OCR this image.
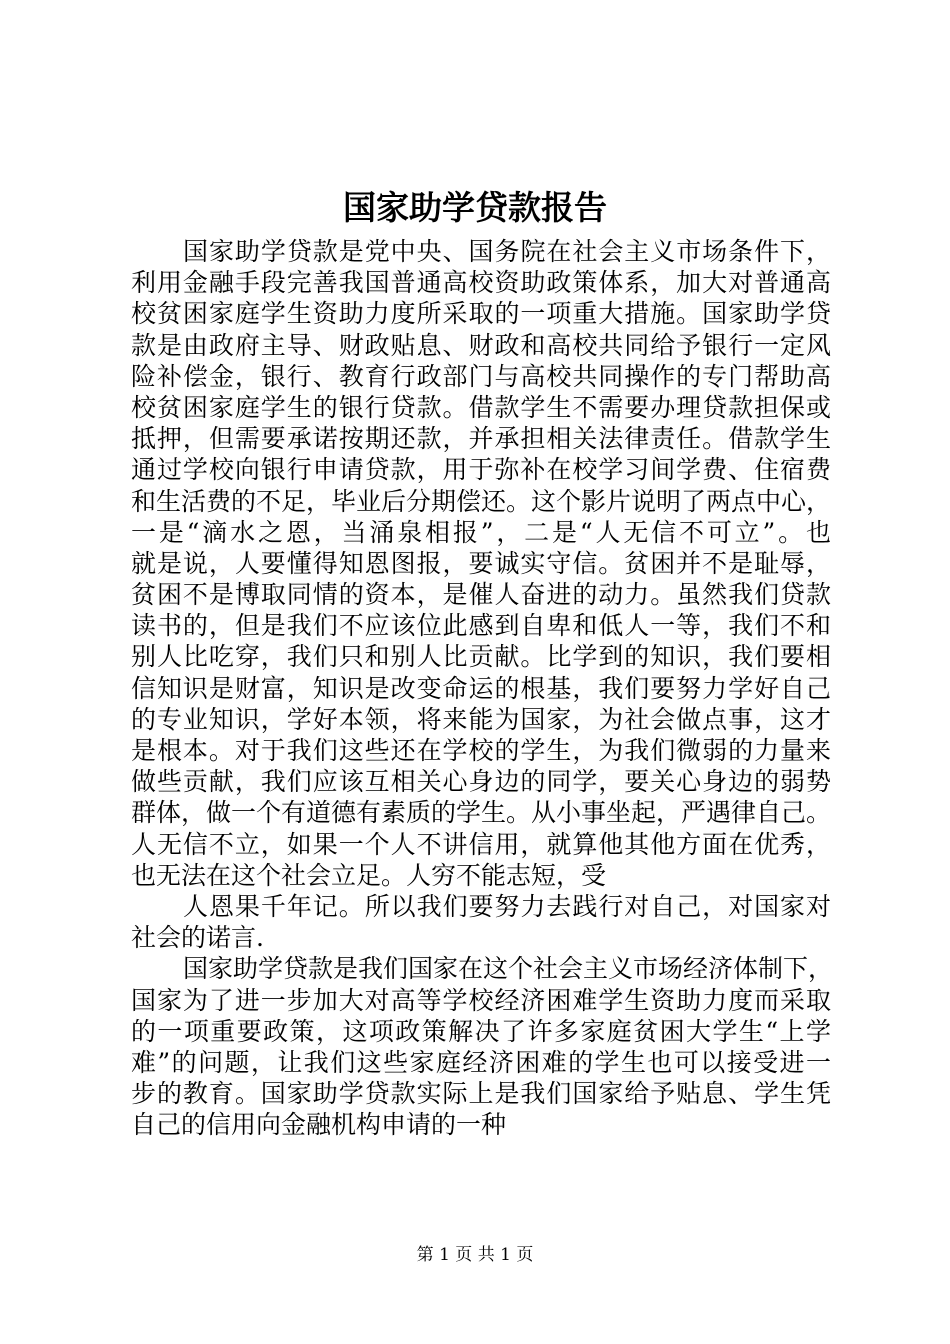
国家助学贷款报告
国家助学贷款是党中央、国务院在社会主义市场条件下，
利用金融手段完善我国普通高校资助政策体系，加大对普通高
校贫困家庭学生资助力度所采取的一项重大措施。国家助学贷
款是由政府主导、财政贴息、财政和高校共同给予银行一定风
险补偿金，银行、教育行政部门与高校共同操作的专门帮助高
校贫困家庭学生的银行贷款。借款学生不需要办理贷款担保或
抵押，但需要承诺按期还款，并承担相关法律责任。借款学生
通过学校向银行申请贷款，用于弥补在校学习间学费、住宿费
和生活费的不足，毕业后分期偿还。这个影片说明了两点中心，
一是“滴水之恩，当涌泉相报”，二是“人无信不可立”。也
就是说，人要懂得知恩图报，要诚实守信。贫困并不是耻辱，
贫困不是博取同情的资本，是催人奋进的动力。虽然我们贷款
读书的，但是我们不应该位此感到自卑和低人一等，我们不和
别人比吃穿，我们只和别人比贡献。比学到的知识，我们要相
信知识是财富，知识是改变命运的根基，我们要努力学好自己
的专业知识，学好本领，将来能为国家，为社会做点事，这才
是根本。对于我们这些还在学校的学生，为我们微弱的力量来
做些贡献，我们应该互相关心身边的同学，要关心身边的弱势
群体，做一个有道德有素质的学生。从小事坐起，严遇律自己。
人无信不立，如果一个人不讲信用，就算他其他方面在优秀，
也无法在这个社会立足。人穷不能志短，受
人恩果千年记。所以我们要努力去践行对自己，对国家对
社会的诺言.
国家助学贷款是我们国家在这个社会主义市场经济体制下，
国家为了进一步加大对高等学校经济困难学生资助力度而采取
的一项重要政策，这项政策解决了许多家庭贫困大学生“上学
难”的问题，让我们这些家庭经济困难的学生也可以接受进一
步的教育。国家助学贷款实际上是我们国家给予贴息、学生凭
自己的信用向金融机构申请的一种
第 1 页 共 1 页
